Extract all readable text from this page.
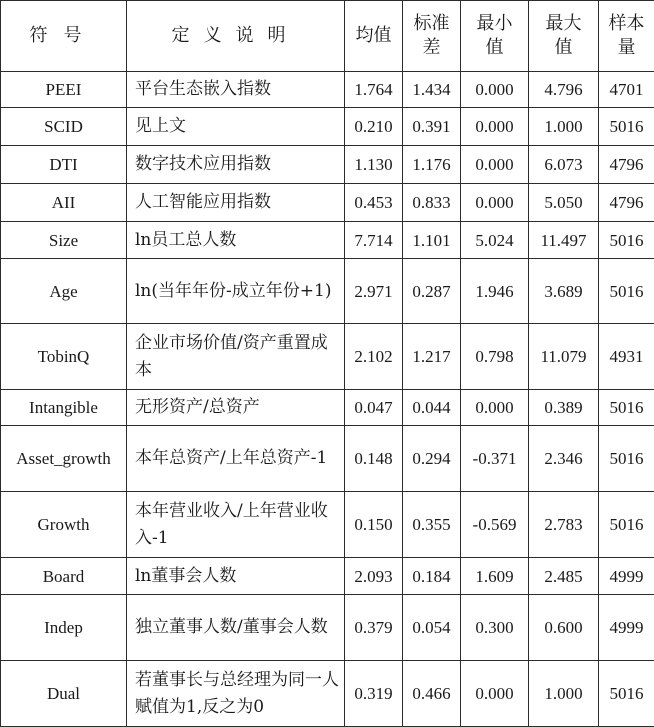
符号	定义说明	均值	标准差	最小值	最大值	样本量
PEEI	平台生态嵌入指数	1.764	1.434	0.000	4.796	4701
SCID	见上文	0.210	0.391	0.000	1.000	5016
DTI	数字技术应用指数	1.130	1.176	0.000	6.073	4796
AII	人工智能应用指数	0.453	0.833	0.000	5.050	4796
Size	ln员工总人数	7.714	1.101	5.024	11.497	5016
Age	ln(当年年份-成立年份+1)	2.971	0.287	1.946	3.689	5016
TobinQ	企业市场价值/资产重置成本	2.102	1.217	0.798	11.079	4931
Intangible	无形资产/总资产	0.047	0.044	0.000	0.389	5016
Asset_growth	本年总资产/上年总资产-1	0.148	0.294	-0.371	2.346	5016
Growth	本年营业收入/上年营业收入-1	0.150	0.355	-0.569	2.783	5016
Board	ln董事会人数	2.093	0.184	1.609	2.485	4999
Indep	独立董事人数/董事会人数	0.379	0.054	0.300	0.600	4999
Dual	若董事长与总经理为同一人赋值为1,反之为0	0.319	0.466	0.000	1.000	5016
